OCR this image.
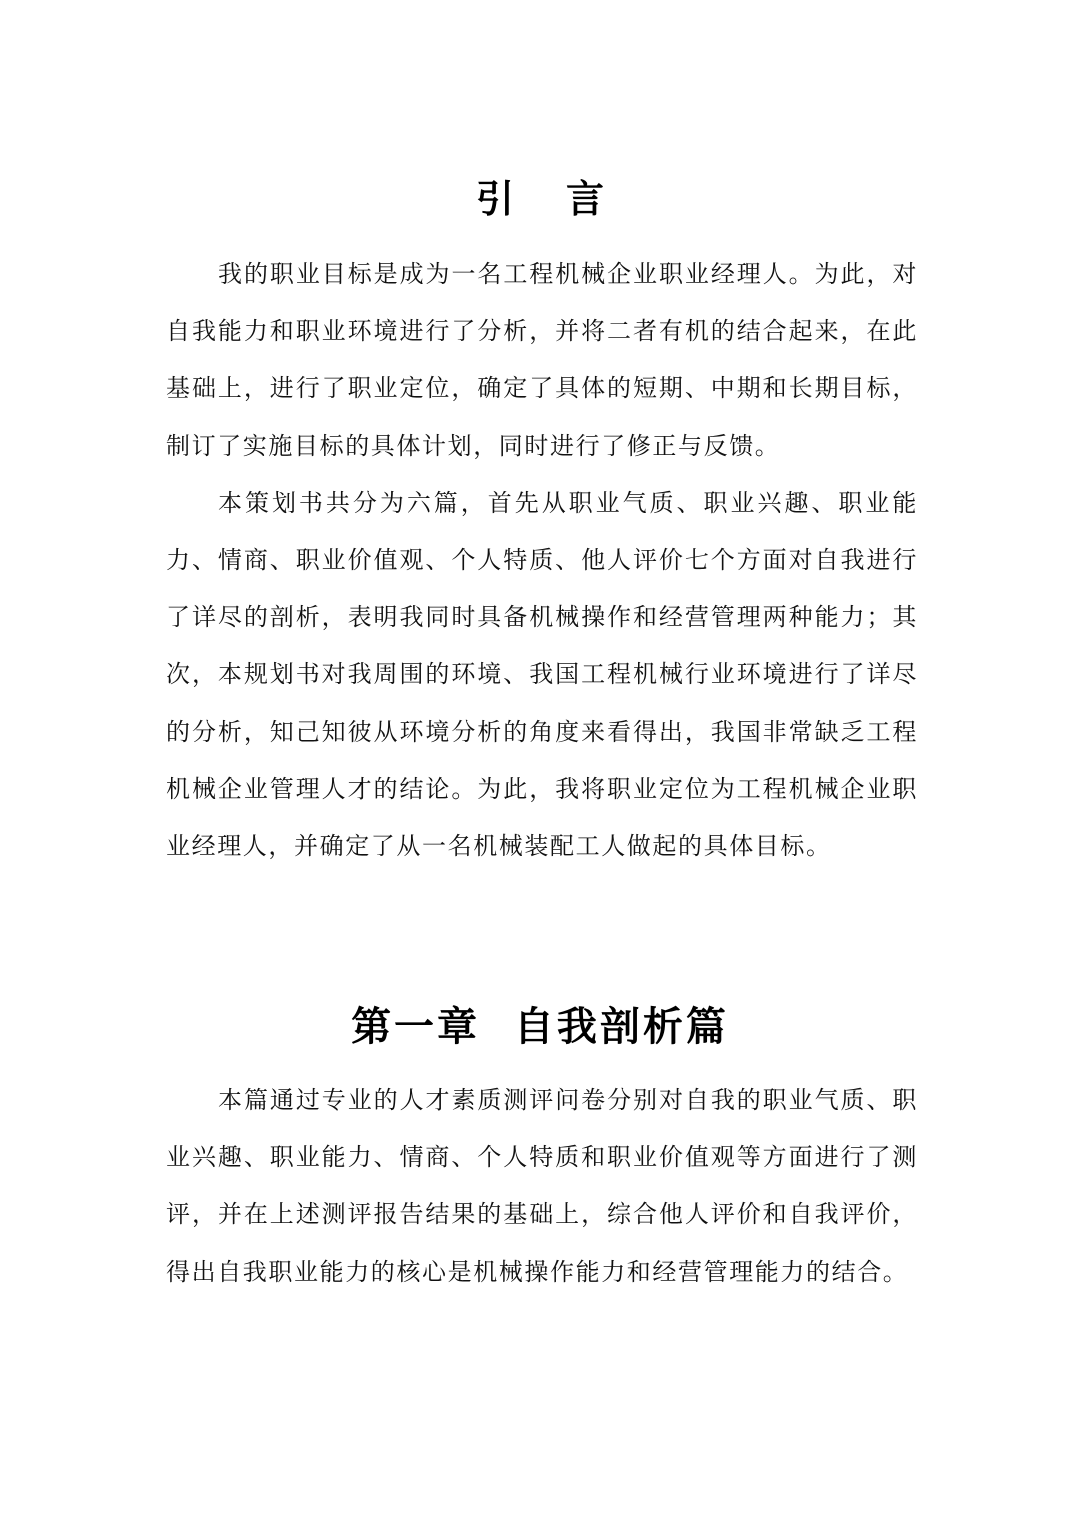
引言

我的职业目标是成为一名工程机械企业职业经理人。为此，对自我能力和职业环境进行了分析，并将二者有机的结合起来，在此基础上，进行了职业定位，确定了具体的短期、中期和长期目标，制订了实施目标的具体计划，同时进行了修正与反馈。

本策划书共分为六篇，首先从职业气质、职业兴趣、职业能力、情商、职业价值观、个人特质、他人评价七个方面对自我进行了详尽的剖析，表明我同时具备机械操作和经营管理两种能力；其次，本规划书对我周围的环境、我国工程机械行业环境进行了详尽的分析，知己知彼从环境分析的角度来看得出，我国非常缺乏工程机械企业管理人才的结论。为此，我将职业定位为工程机械企业职业经理人，并确定了从一名机械装配工人做起的具体目标。

第一章  自我剖析篇

本篇通过专业的人才素质测评问卷分别对自我的职业气质、职业兴趣、职业能力、情商、个人特质和职业价值观等方面进行了测评，并在上述测评报告结果的基础上，综合他人评价和自我评价，得出自我职业能力的核心是机械操作能力和经营管理能力的结合。
